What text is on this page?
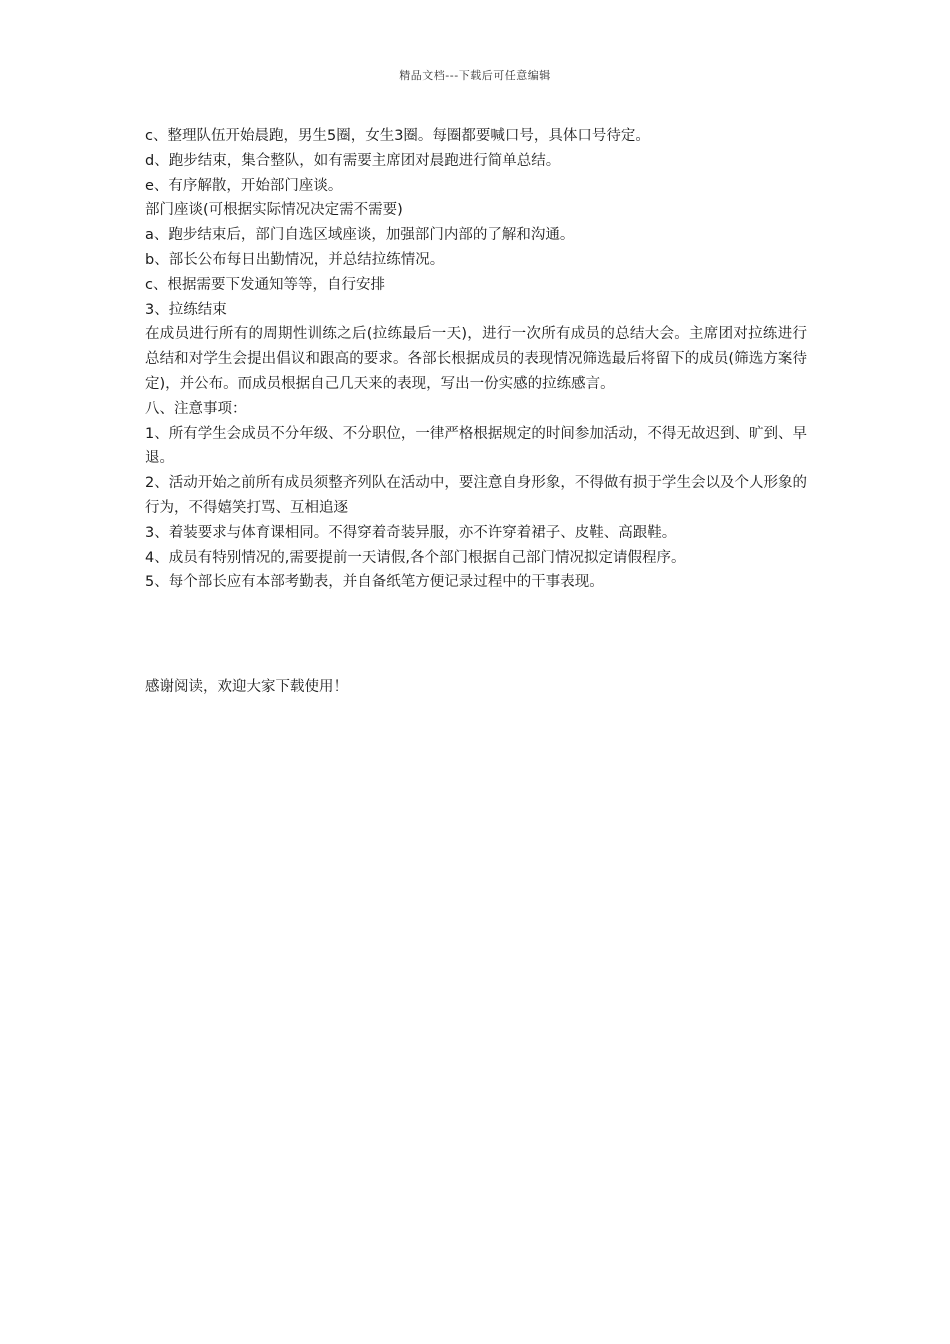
精品文档---下载后可任意编辑
c、整理队伍开始晨跑，男生5圈，女生3圈。每圈都要喊口号，具体口号待定。
d、跑步结束，集合整队，如有需要主席团对晨跑进行简单总结。
e、有序解散，开始部门座谈。
部门座谈(可根据实际情况决定需不需要)
a、跑步结束后，部门自选区域座谈，加强部门内部的了解和沟通。
b、部长公布每日出勤情况，并总结拉练情况。
c、根据需要下发通知等等，自行安排
3、拉练结束
在成员进行所有的周期性训练之后(拉练最后一天)，进行一次所有成员的总结大会。主席团对拉练进行总结和对学生会提出倡议和跟高的要求。各部长根据成员的表现情况筛选最后将留下的成员(筛选方案待定)，并公布。而成员根据自己几天来的表现，写出一份实感的拉练感言。
八、注意事项：
1、所有学生会成员不分年级、不分职位，一律严格根据规定的时间参加活动，不得无故迟到、旷到、早退。
2、活动开始之前所有成员须整齐列队在活动中，要注意自身形象，不得做有损于学生会以及个人形象的行为，不得嬉笑打骂、互相追逐
3、着装要求与体育课相同。不得穿着奇装异服，亦不许穿着裙子、皮鞋、高跟鞋。
4、成员有特别情况的,需要提前一天请假,各个部门根据自己部门情况拟定请假程序。
5、每个部长应有本部考勤表，并自备纸笔方便记录过程中的干事表现。
感谢阅读，欢迎大家下载使用！
